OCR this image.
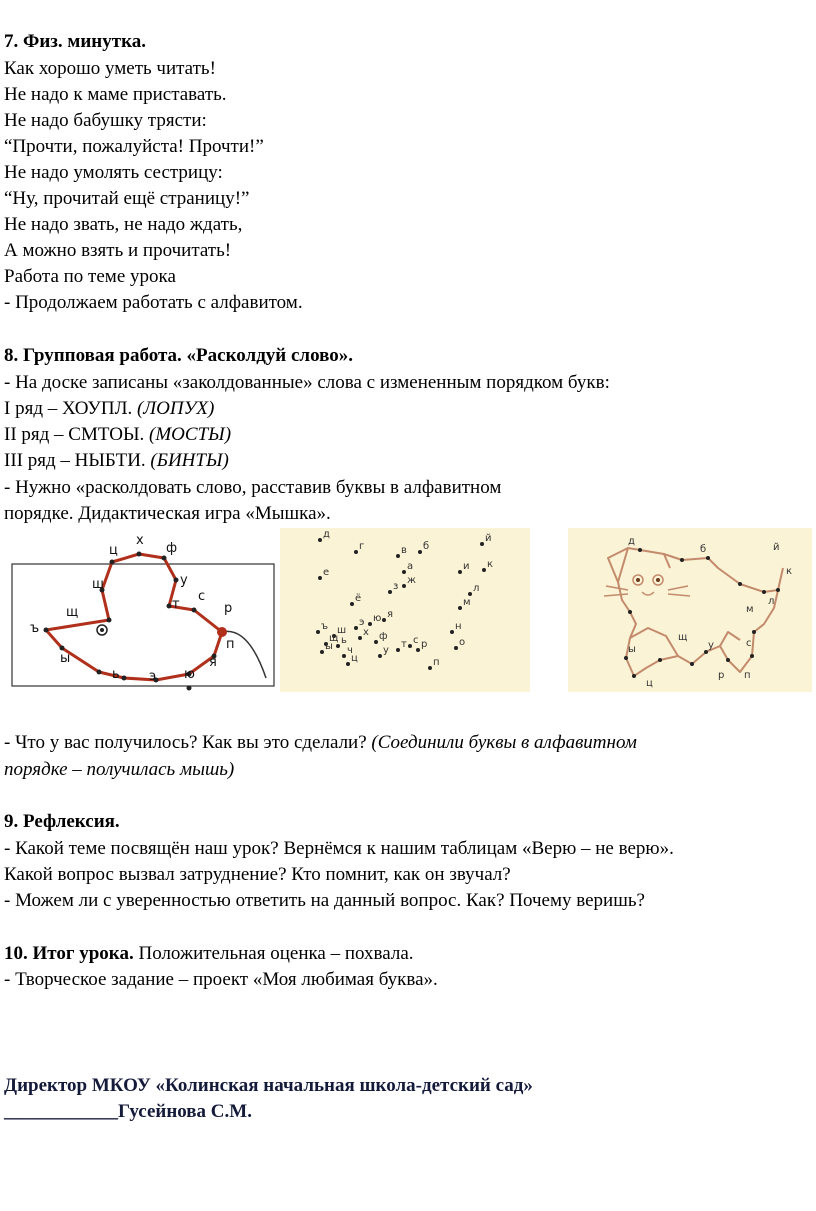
7. Физ. минутка.
Как хорошо уметь читать!
Не надо к маме приставать.
Не надо бабушку трясти:
“Прочти, пожалуйста! Прочти!”
Не надо умолять сестрицу:
“Ну, прочитай ещё страницу!”
Не надо звать, не надо ждать,
А можно взять и прочитать!
Работа по теме урока
- Продолжаем работать с алфавитом.
8. Групповая работа. «Расколдуй слово».
- На доске записаны «заколдованные» слова с измененным порядком букв:
I ряд – ХОУПЛ. (ЛОПУХ)
II ряд – СМТОЫ. (МОСТЫ)
III ряд – НЫБТИ. (БИНТЫ)
- Нужно «расколдовать слово, расставив буквы в алфавитном
порядке. Дидактическая игра «Мышка».
х
ц	ф
у
ш
т
с
щ	р
ъ
п
ы	я
ь э ю
д
г	в б
а
ж
е
ё
з
и к
й
л
м
н
о
п
р
с
т
у
ф
х
ц
ч
ш
щ
ъ
ы
ь
э ю я
д
б	й
к
л
м
с
у
щ
ы
ц
р п
- Что у вас получилось? Как вы это сделали? (Соединили буквы в алфавитном
порядке – получилась мышь)
9. Рефлексия.
- Какой теме посвящён наш урок? Вернёмся к нашим таблицам «Верю – не верю».
Какой вопрос вызвал затруднение? Кто помнит, как он звучал?
- Можем ли с уверенностью ответить на данный вопрос. Как? Почему веришь?
10. Итог урока. Положительная оценка – похвала.
- Творческое задание – проект «Моя любимая буква».
Директор МКОУ «Колинская начальная школа-детский сад»
____________Гусейнова С.М.
